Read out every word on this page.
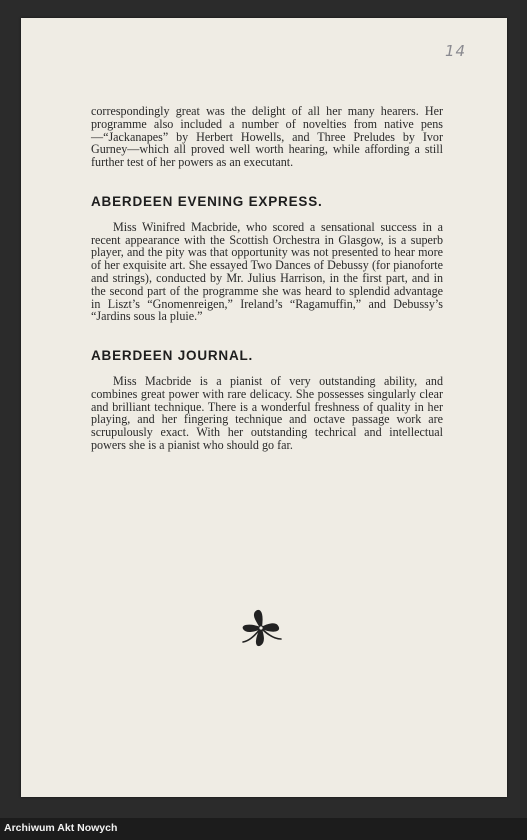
14

correspondingly great was the delight of all her many hearers. Her programme also included a number of novelties from native pens—“Jackanapes” by Herbert Howells, and Three Preludes by Ivor Gurney—which all proved well worth hearing, while affording a still further test of her powers as an executant.

ABERDEEN EVENING EXPRESS.

Miss Winifred Macbride, who scored a sensational success in a recent appearance with the Scottish Orchestra in Glasgow, is a superb player, and the pity was that opportunity was not presented to hear more of her exquisite art. She essayed Two Dances of Debussy (for pianoforte and strings), conducted by Mr. Julius Harrison, in the first part, and in the second part of the programme she was heard to splendid advantage in Liszt’s “Gnomenreigen,” Ireland’s “Ragamuffin,” and Debussy’s “Jardins sous la pluie.”

ABERDEEN JOURNAL.

Miss Macbride is a pianist of very outstanding ability, and combines great power with rare delicacy. She possesses singularly clear and brilliant technique. There is a wonderful freshness of quality in her playing, and her fingering technique and octave passage work are scrupulously exact. With her outstanding techrical and intellectual powers she is a pianist who should go far.

Archiwum Akt Nowych
